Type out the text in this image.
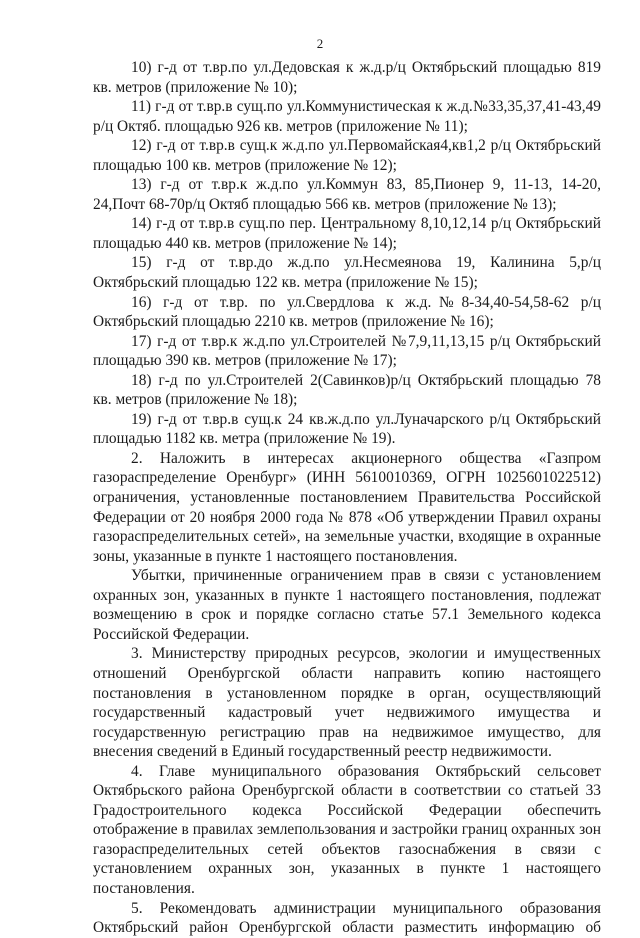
2

10) г-д от т.вр.по ул.Дедовская к ж.д.р/ц Октябрьский площадью 819 кв. метров (приложение № 10);

11) г-д от т.вр.в сущ.по ул.Коммунистическая к ж.д.№33,35,37,41-43,49 р/ц Октяб. площадью 926 кв. метров (приложение № 11);

12) г-д от т.вр.в сущ.к ж.д.по ул.Первомайская4,кв1,2 р/ц Октябрьский площадью 100 кв. метров (приложение № 12);

13) г-д от т.вр.к ж.д.по ул.Коммун 83, 85,Пионер 9, 11-13, 14-20, 24,Почт 68-70р/ц Октяб площадью 566 кв. метров (приложение № 13);

14) г-д от т.вр.в сущ.по пер. Центральному 8,10,12,14 р/ц Октябрьский площадью 440 кв. метров (приложение № 14);

15) г-д от т.вр.до ж.д.по ул.Несмеянова 19, Калинина 5,р/ц Октябрьский площадью 122 кв. метра (приложение № 15);

16) г-д от т.вр. по ул.Свердлова к ж.д.№8-34,40-54,58-62 р/ц Октябрьский площадью 2210 кв. метров (приложение № 16);

17) г-д от т.вр.к ж.д.по ул.Строителей №7,9,11,13,15 р/ц Октябрьский площадью 390 кв. метров (приложение № 17);

18) г-д по ул.Строителей 2(Савинков)р/ц Октябрьский площадью 78 кв. метров (приложение № 18);

19) г-д от т.вр.в сущ.к 24 кв.ж.д.по ул.Луначарского р/ц Октябрьский площадью 1182 кв. метра (приложение № 19).

2. Наложить в интересах акционерного общества «Газпром газораспределение Оренбург» (ИНН 5610010369, ОГРН 1025601022512) ограничения, установленные постановлением Правительства Российской Федерации от 20 ноября 2000 года № 878 «Об утверждении Правил охраны газораспределительных сетей», на земельные участки, входящие в охранные зоны, указанные в пункте 1 настоящего постановления.

Убытки, причиненные ограничением прав в связи с установлением охранных зон, указанных в пункте 1 настоящего постановления, подлежат возмещению в срок и порядке согласно статье 57.1 Земельного кодекса Российской Федерации.

3. Министерству природных ресурсов, экологии и имущественных отношений Оренбургской области направить копию настоящего постановления в установленном порядке в орган, осуществляющий государственный кадастровый учет недвижимого имущества и государственную регистрацию прав на недвижимое имущество, для внесения сведений в Единый государственный реестр недвижимости.

4. Главе муниципального образования Октябрьский сельсовет Октябрьского района Оренбургской области в соответствии со статьей 33 Градостроительного кодекса Российской Федерации обеспечить отображение в правилах землепользования и застройки границ охранных зон газораспределительных сетей объектов газоснабжения в связи с установлением охранных зон, указанных в пункте 1 настоящего постановления.

5. Рекомендовать администрации муниципального образования Октябрьский район Оренбургской области разместить информацию об
